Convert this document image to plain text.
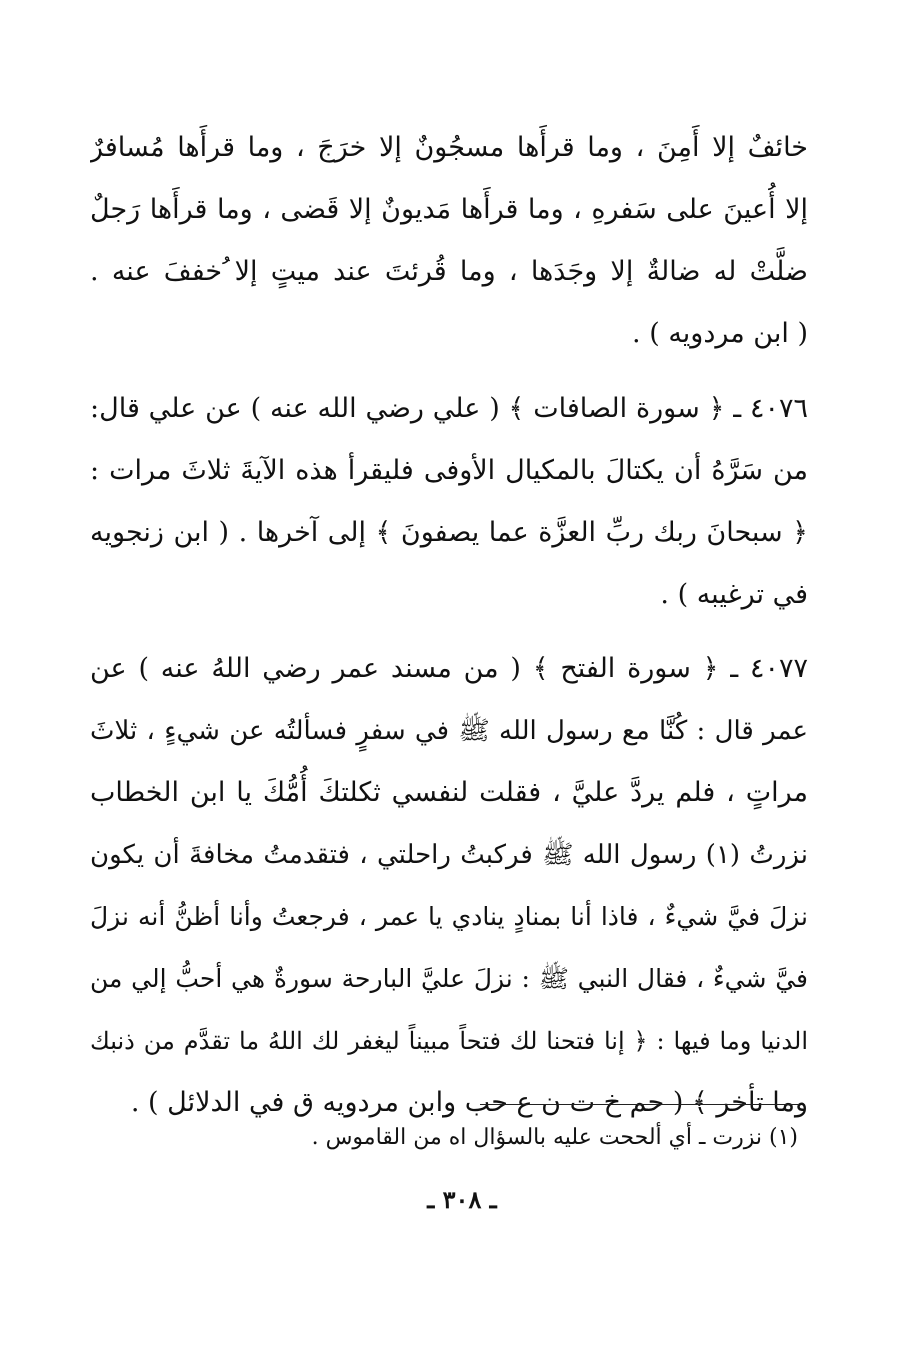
خائفٌ إلا أَمِنَ ، وما قرأَها مسجُونٌ إلا خرَجَ ، وما قرأَها مُسافرٌ
إلا أُعينَ على سَفرهِ ، وما قرأَها مَديونٌ إلا قَضى ، وما قرأَها رَجلٌ
ضلَّتْ له ضالةٌ إلا وجَدَها ، وما قُرئتَ عند ميتٍ إلا ُخففَ عنه .
( ابن مردويه ) .
٤٠٧٦ ـ ﴿ سورة الصافات ﴾ ( علي رضي الله عنه ) عن علي قال:
من سَرَّهُ أن يكتالَ بالمكيال الأوفى فليقرأ هذه الآيةَ ثلاثَ مرات :
﴿ سبحانَ ربك ربِّ العزَّة عما يصفونَ ﴾ إلى آخرها . ( ابن زنجويه
في ترغيبه ) .
٤٠٧٧ ـ ﴿ سورة الفتح ﴾ ( من مسند عمر رضي اللهُ عنه ) عن
عمر قال : كُنَّا مع رسول الله ﷺ في سفرٍ فسألتُه عن شيءٍ ، ثلاثَ
مراتٍ ، فلم يردَّ عليَّ ، فقلت لنفسي ثكلتكَ أُمُّكَ يا ابن الخطاب
نزرتُ (١) رسول الله ﷺ فركبتُ راحلتي ، فتقدمتُ مخافةَ أن يكون
نزلَ فيَّ شيءٌ ، فاذا أنا بمنادٍ ينادي يا عمر ، فرجعتُ وأنا أظنُّ أنه نزلَ
فيَّ شيءٌ ، فقال النبي ﷺ : نزلَ عليَّ البارحة سورةٌ هي أحبُّ إلي من
الدنيا وما فيها : ﴿ إنا فتحنا لك فتحاً مبيناً ليغفر لك اللهُ ما تقدَّم من ذنبك
وما تأخر ﴾ ( حم خ ت ن ع حب وابن مردويه ق في الدلائل ) .
(١) نزرت ـ أي ألححت عليه بالسؤال اه من القاموس .
ـ ٣٠٨ ـ
